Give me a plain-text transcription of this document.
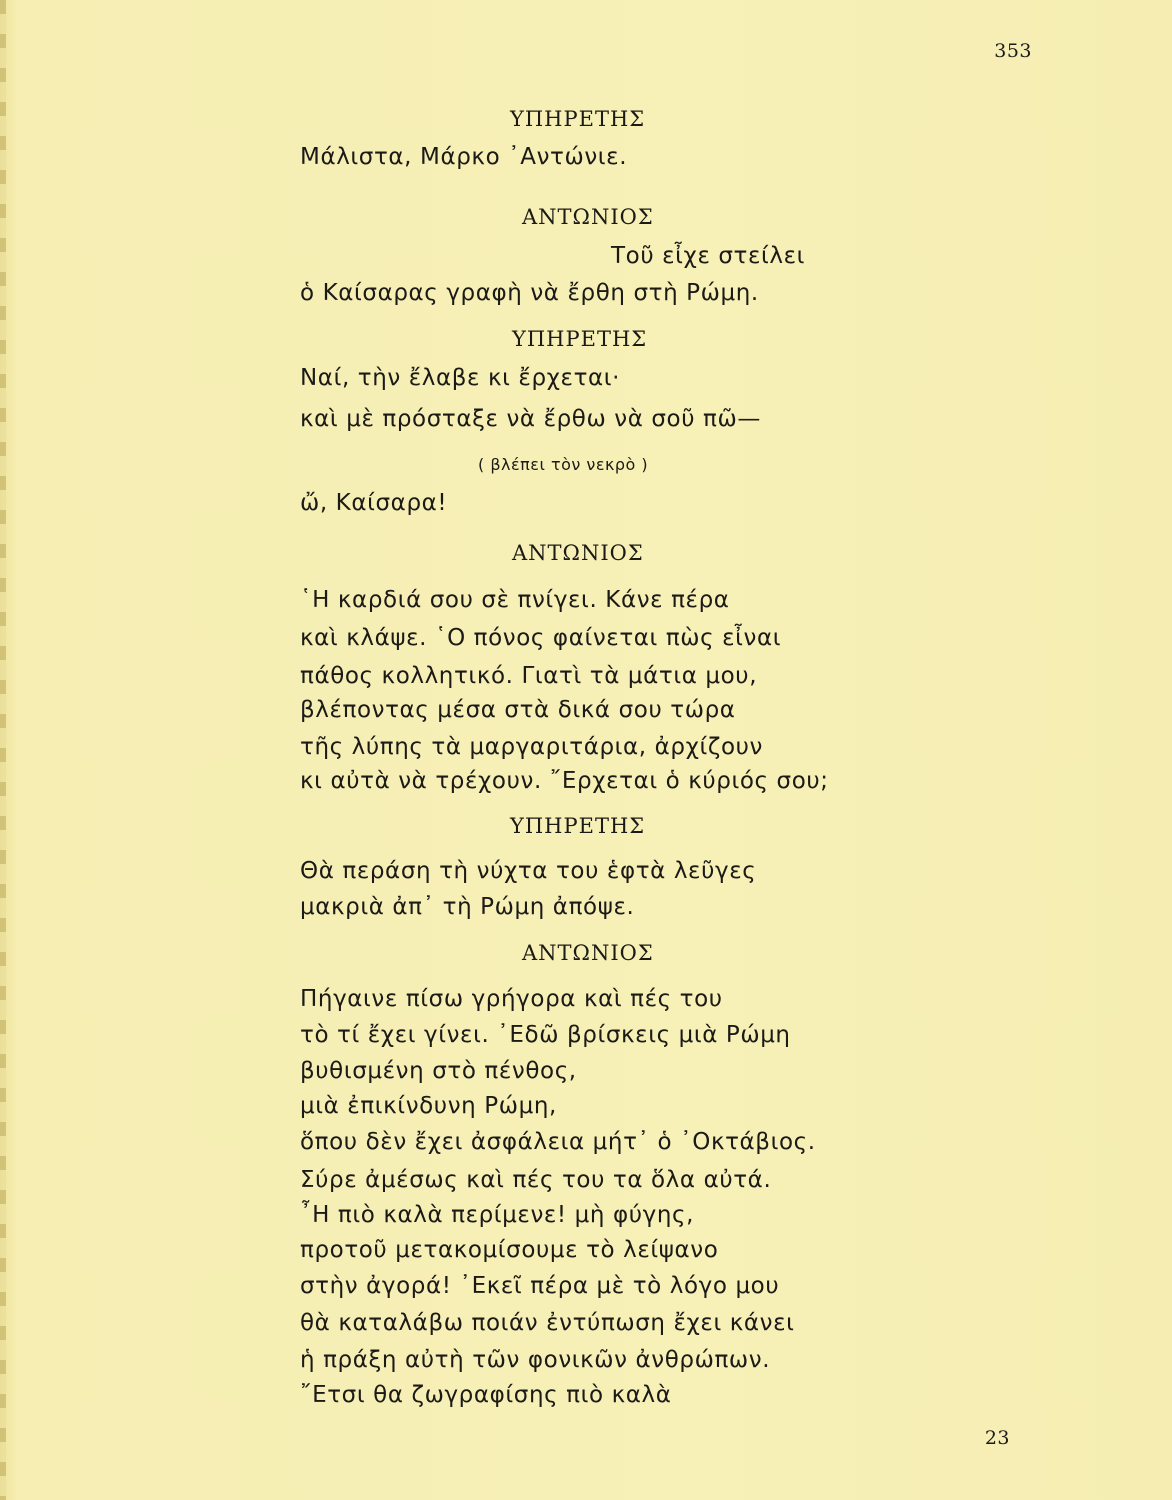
353
ΥΠΗΡΕΤΗΣ
Μάλιστα, Μάρκο ᾿Αντώνιε.
ΑΝΤΩΝΙΟΣ
Τοῦ εἶχε στείλει
ὁ Καίσαρας γραφὴ νὰ ἔρθη στὴ Ρώμη.
ΥΠΗΡΕΤΗΣ
Ναί, τὴν ἔλαβε κι ἔρχεται·
καὶ μὲ πρόσταξε νὰ ἔρθω νὰ σοῦ πῶ—
( βλέπει τὸν νεκρὸ )
ὤ, Καίσαρα!
ΑΝΤΩΝΙΟΣ
῾Η καρδιά σου σὲ πνίγει. Κάνε πέρα
καὶ κλάψε. ῾Ο πόνος φαίνεται πὼς εἶναι
πάθος κολλητικό. Γιατὶ τὰ μάτια μου,
βλέποντας μέσα στὰ δικά σου τώρα
τῆς λύπης τὰ μαργαριτάρια, ἀρχίζουν
κι αὐτὰ νὰ τρέχουν. ῎Ερχεται ὁ κύριός σου;
ΥΠΗΡΕΤΗΣ
Θὰ περάση τὴ νύχτα του ἑφτὰ λεῦγες
μακριὰ ἀπ᾿ τὴ Ρώμη ἀπόψε.
ΑΝΤΩΝΙΟΣ
Πήγαινε πίσω γρήγορα καὶ πές του
τὸ τί ἔχει γίνει. ᾿Εδῶ βρίσκεις μιὰ Ρώμη
βυθισμένη στὸ πένθος,
μιὰ ἐπικίνδυνη Ρώμη,
ὅπου δὲν ἔχει ἀσφάλεια μήτ᾿ ὁ ᾿Οκτάβιος.
Σύρε ἀμέσως καὶ πές του τα ὅλα αὐτά.
῏Η πιὸ καλὰ περίμενε! μὴ φύγης,
προτοῦ μετακομίσουμε τὸ λείψανο
στὴν ἀγορά! ᾿Εκεῖ πέρα μὲ τὸ λόγο μου
θὰ καταλάβω ποιάν ἐντύπωση ἔχει κάνει
ἡ πράξη αὐτὴ τῶν φονικῶν ἀνθρώπων.
῎Ετσι θα ζωγραφίσης πιὸ καλὰ
23
